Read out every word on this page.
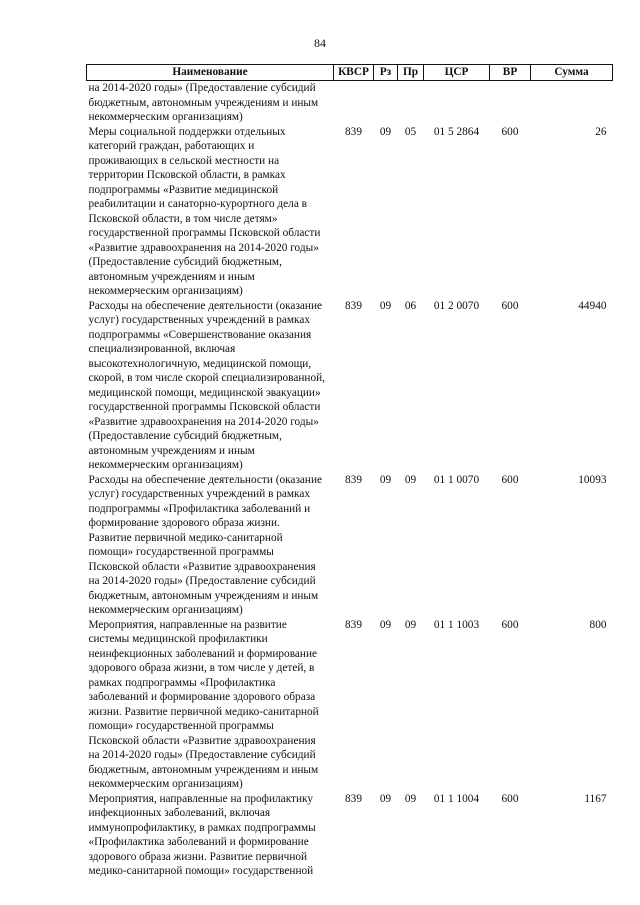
84
Наименование	КВСР	Рз	Пр	ЦСР	ВР	Сумма
на 2014-2020 годы» (Предоставление субсидий бюджетным, автономным учреждениям и иным некоммерческим организациям)						
Меры социальной поддержки отдельных категорий граждан, работающих и проживающих в сельской местности на территории Псковской области, в рамках подпрограммы «Развитие медицинской реабилитации и санаторно-курортного дела в Псковской области, в том числе детям» государственной программы Псковской области «Развитие здравоохранения на 2014-2020 годы» (Предоставление субсидий бюджетным, автономным учреждениям и иным некоммерческим организациям)	839	09	05	01 5 2864	600	26
Расходы на обеспечение деятельности (оказание услуг) государственных учреждений в рамках подпрограммы «Совершенствование оказания специализированной, включая высокотехнологичную, медицинской помощи, скорой, в том числе скорой специализированной, медицинской помощи, медицинской эвакуации» государственной программы Псковской области «Развитие здравоохранения на 2014-2020 годы» (Предоставление субсидий бюджетным, автономным учреждениям и иным некоммерческим организациям)	839	09	06	01 2 0070	600	44940
Расходы на обеспечение деятельности (оказание услуг) государственных учреждений в рамках подпрограммы «Профилактика заболеваний и формирование здорового образа жизни. Развитие первичной медико-санитарной помощи» государственной программы Псковской области «Развитие здравоохранения на 2014-2020 годы» (Предоставление субсидий бюджетным, автономным учреждениям и иным некоммерческим организациям)	839	09	09	01 1 0070	600	10093
Мероприятия, направленные на развитие системы медицинской профилактики неинфекционных заболеваний и формирование здорового образа жизни, в том числе у детей, в рамках подпрограммы «Профилактика заболеваний и формирование здорового образа жизни. Развитие первичной медико-санитарной помощи» государственной программы Псковской области «Развитие здравоохранения на 2014-2020 годы» (Предоставление субсидий бюджетным, автономным учреждениям и иным некоммерческим организациям)	839	09	09	01 1 1003	600	800
Мероприятия, направленные на профилактику инфекционных заболеваний, включая иммунопрофилактику, в рамках подпрограммы «Профилактика заболеваний и формирование здорового образа жизни. Развитие первичной медико-санитарной помощи» государственной	839	09	09	01 1 1004	600	1167
